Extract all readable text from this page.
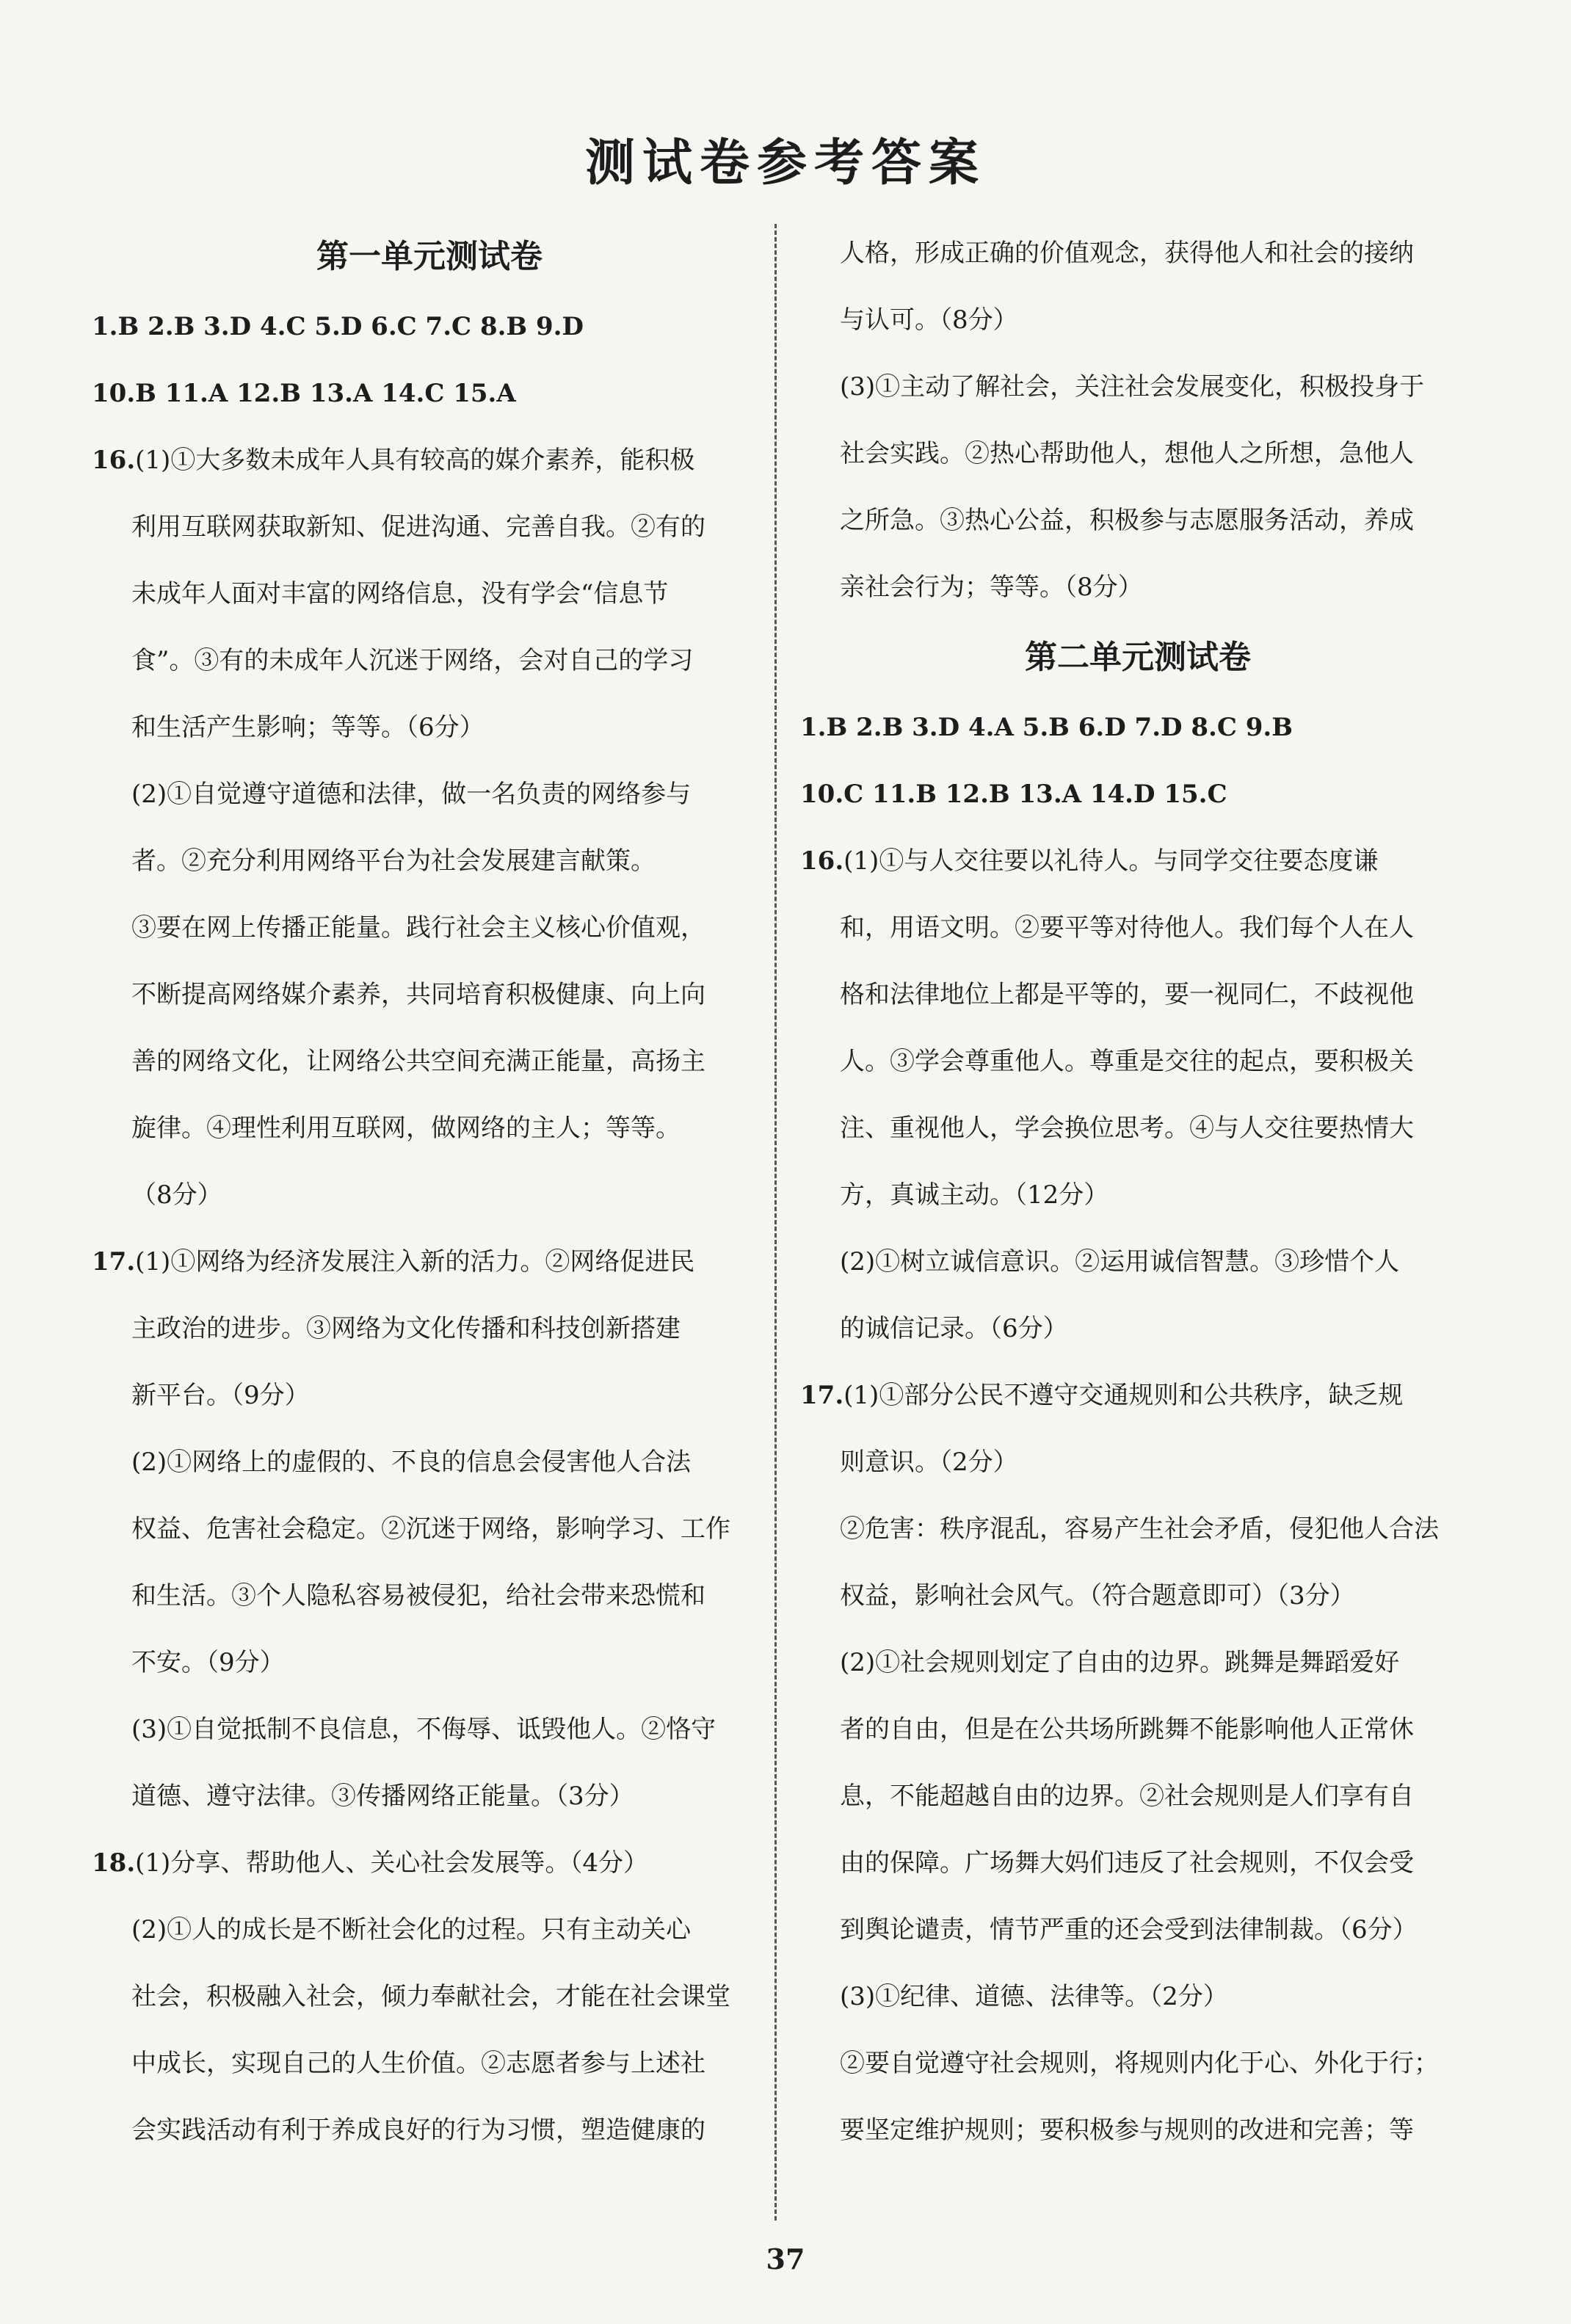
测试卷参考答案
第一单元测试卷
1.B 2.B 3.D 4.C 5.D 6.C 7.C 8.B 9.D
10.B 11.A 12.B 13.A 14.C 15.A
16.(1)①大多数未成年人具有较高的媒介素养，能积极
利用互联网获取新知、促进沟通、完善自我。②有的
未成年人面对丰富的网络信息，没有学会“信息节
食”。③有的未成年人沉迷于网络，会对自己的学习
和生活产生影响；等等。（6分）
(2)①自觉遵守道德和法律，做一名负责的网络参与
者。②充分利用网络平台为社会发展建言献策。
③要在网上传播正能量。践行社会主义核心价值观，
不断提高网络媒介素养，共同培育积极健康、向上向
善的网络文化，让网络公共空间充满正能量，高扬主
旋律。④理性利用互联网，做网络的主人；等等。
（8分）
17.(1)①网络为经济发展注入新的活力。②网络促进民
主政治的进步。③网络为文化传播和科技创新搭建
新平台。（9分）
(2)①网络上的虚假的、不良的信息会侵害他人合法
权益、危害社会稳定。②沉迷于网络，影响学习、工作
和生活。③个人隐私容易被侵犯，给社会带来恐慌和
不安。（9分）
(3)①自觉抵制不良信息，不侮辱、诋毁他人。②恪守
道德、遵守法律。③传播网络正能量。（3分）
18.(1)分享、帮助他人、关心社会发展等。（4分）
(2)①人的成长是不断社会化的过程。只有主动关心
社会，积极融入社会，倾力奉献社会，才能在社会课堂
中成长，实现自己的人生价值。②志愿者参与上述社
会实践活动有利于养成良好的行为习惯，塑造健康的
人格，形成正确的价值观念，获得他人和社会的接纳
与认可。（8分）
(3)①主动了解社会，关注社会发展变化，积极投身于
社会实践。②热心帮助他人，想他人之所想，急他人
之所急。③热心公益，积极参与志愿服务活动，养成
亲社会行为；等等。（8分）
第二单元测试卷
1.B 2.B 3.D 4.A 5.B 6.D 7.D 8.C 9.B
10.C 11.B 12.B 13.A 14.D 15.C
16.(1)①与人交往要以礼待人。与同学交往要态度谦
和，用语文明。②要平等对待他人。我们每个人在人
格和法律地位上都是平等的，要一视同仁，不歧视他
人。③学会尊重他人。尊重是交往的起点，要积极关
注、重视他人，学会换位思考。④与人交往要热情大
方，真诚主动。（12分）
(2)①树立诚信意识。②运用诚信智慧。③珍惜个人
的诚信记录。（6分）
17.(1)①部分公民不遵守交通规则和公共秩序，缺乏规
则意识。（2分）
②危害：秩序混乱，容易产生社会矛盾，侵犯他人合法
权益，影响社会风气。（符合题意即可）（3分）
(2)①社会规则划定了自由的边界。跳舞是舞蹈爱好
者的自由，但是在公共场所跳舞不能影响他人正常休
息，不能超越自由的边界。②社会规则是人们享有自
由的保障。广场舞大妈们违反了社会规则，不仅会受
到舆论谴责，情节严重的还会受到法律制裁。（6分）
(3)①纪律、道德、法律等。（2分）
②要自觉遵守社会规则，将规则内化于心、外化于行；
要坚定维护规则；要积极参与规则的改进和完善；等
37
